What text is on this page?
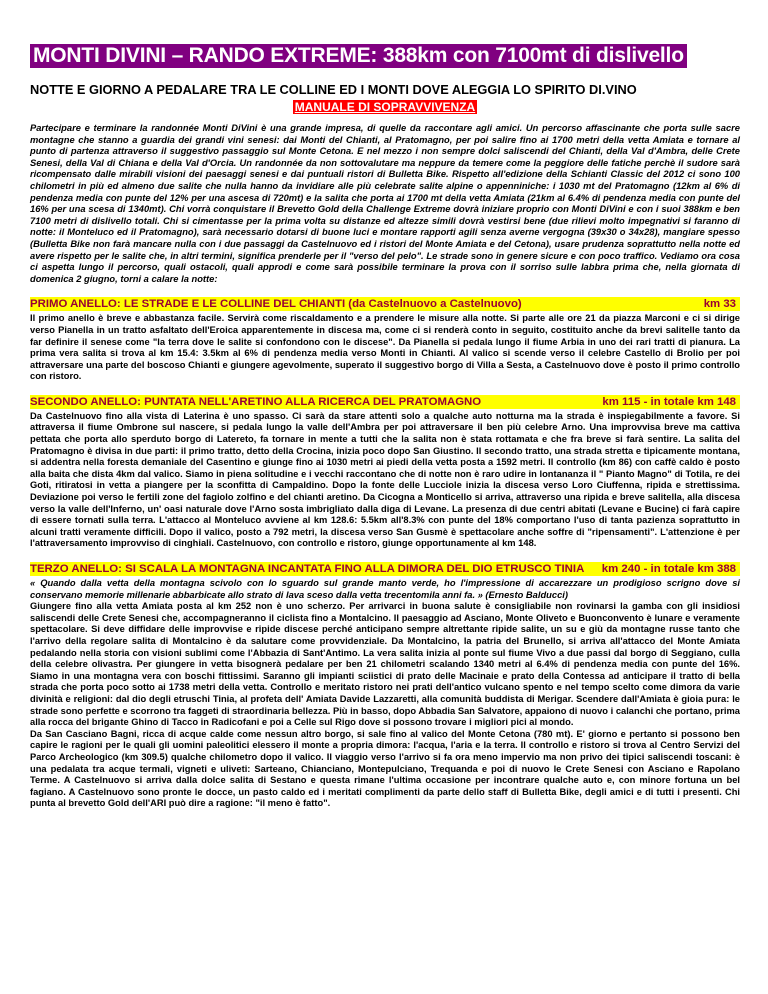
MONTI DIVINI – RANDO EXTREME: 388km con 7100mt di dislivello
NOTTE E GIORNO A PEDALARE TRA LE COLLINE ED I MONTI DOVE ALEGGIA LO SPIRITO DI.VINO
MANUALE DI SOPRAVVIVENZA

Partecipare e terminare la randonnée Monti DiVini è una grande impresa, di quelle da raccontare agli amici. Un percorso affascinante che porta sulle sacre montagne che stanno a guardia dei grandi vini senesi: dai Monti del Chianti, al Pratomagno, per poi salire fino ai 1700 metri della vetta Amiata e tornare al punto di partenza attraverso il suggestivo passaggio sul Monte Cetona. E nel mezzo i non sempre dolci saliscendi del Chianti, della Val d'Ambra, delle Crete Senesi, della Val di Chiana e della Val d'Orcia. Un randonnée da non sottovalutare ma neppure da temere come la peggiore delle fatiche perchè il sudore sarà ricompensato dalle mirabili visioni dei paesaggi senesi e dai puntuali ristori di Bulletta Bike. Rispetto all'edizione della Schianti Classic del 2012 ci sono 100 chilometri in più ed almeno due salite che nulla hanno da invidiare alle più celebrate salite alpine o appenniniche: i 1030 mt del Pratomagno (12km al 6% di pendenza media con punte del 12% per una ascesa di 720mt) e la salita che porta ai 1700 mt della vetta Amiata (21km al 6.4% di pendenza media con punte del 16% per una scesa di 1340mt). Chi vorrà conquistare il Brevetto Gold della Challenge Extreme dovrà iniziare proprio con Monti DiVini e con i suoi 388km e ben 7100 metri di dislivello totali. Chi si cimentasse per la prima volta su distanze ed altezze simili dovrà vestirsi bene (due rilievi molto impegnativi si faranno di notte: il Monteluco ed il Pratomagno), sarà necessario dotarsi di buone luci e montare rapporti agili senza averne vergogna (39x30 o 34x28), mangiare spesso (Bulletta Bike non farà mancare nulla con i due passaggi da Castelnuovo ed i ristori del Monte Amiata e del Cetona), usare prudenza soprattutto nella notte ed avere rispetto per le salite che, in altri termini, significa prenderle per il "verso del pelo". Le strade sono in genere sicure e con poco traffico. Vediamo ora cosa ci aspetta lungo il percorso, quali ostacoli, quali approdi e come sarà possibile terminare la prova con il sorriso sulle labbra prima che, nella giornata di domenica 2 giugno, torni a calare la notte:

PRIMO ANELLO: LE STRADE E LE COLLINE DEL CHIANTI (da Castelnuovo a Castelnuovo)	km 33

Il primo anello è breve e abbastanza facile. Servirà come riscaldamento e a prendere le misure alla notte. Si parte alle ore 21 da piazza Marconi e ci si dirige verso Pianella in un tratto asfaltato dell'Eroica apparentemente in discesa ma, come ci si renderà conto in seguito, costituito anche da brevi salitelle tanto da far definire il senese come "la terra dove le salite si confondono con le discese". Da Pianella si pedala lungo il fiume Arbia in uno dei rari tratti di pianura. La prima vera salita si trova al km 15.4: 3.5km al 6% di pendenza media verso Monti in Chianti. Al valico si scende verso il celebre Castello di Brolio per poi attraversare una parte del boscoso Chianti e giungere agevolmente, superato il suggestivo borgo di Villa a Sesta, a Castelnuovo dove è posto il primo controllo con ristoro.

SECONDO ANELLO: PUNTATA NELL'ARETINO ALLA RICERCA DEL PRATOMAGNO	km 115 - in totale km 148

Da Castelnuovo fino alla vista di Laterina è uno spasso. Ci sarà da stare attenti solo a qualche auto notturna ma la strada è inspiegabilmente a favore. Si attraversa il fiume Ombrone sul nascere, si pedala lungo la valle dell'Ambra per poi attraversare il ben più celebre Arno. Una improvvisa breve ma cattiva pettata che porta allo sperduto borgo di Latereto, fa tornare in mente a tutti che la salita non è stata rottamata e che fra breve si farà sentire. La salita del Pratomagno è divisa in due parti: il primo tratto, detto della Crocina, inizia poco dopo San Giustino. Il secondo tratto, una strada stretta e tipicamente montana, si addentra nella foresta demaniale del Casentino e giunge fino ai 1030 metri ai piedi della vetta posta a 1592 metri. Il controllo (km 86) con caffè caldo è posto alla baita che dista 4km dal valico. Siamo in piena solitudine e i vecchi raccontano che di notte non è raro udire in lontananza il " Pianto Magno" di Totila, re dei Goti, ritiratosi in vetta a piangere per la sconfitta di Campaldino. Dopo la fonte delle Lucciole inizia la discesa verso Loro Ciuffenna, ripida e strettissima. Deviazione poi verso le fertili zone del fagiolo zolfino e del chianti aretino. Da Cicogna a Monticello si arriva, attraverso una ripida e breve salitella, alla discesa verso la valle dell'Inferno, un' oasi naturale dove l'Arno sosta imbrigliato dalla diga di Levane. La presenza di due centri abitati (Levane e Bucine) ci farà capire di essere tornati sulla terra. L'attacco al Monteluco avviene al km 128.6: 5.5km all'8.3% con punte del 18% comportano l'uso di tanta pazienza soprattutto in alcuni tratti veramente difficili. Dopo il valico, posto a 792 metri, la discesa verso San Gusmè è spettacolare anche soffre di "ripensamenti". L'attenzione è per l'attraversamento improvviso di cinghiali. Castelnuovo, con controllo e ristoro, giunge opportunamente al km 148.

TERZO ANELLO: SI SCALA LA MONTAGNA INCANTATA FINO ALLA DIMORA DEL DIO ETRUSCO TINIA km 240 - in totale km 388

« Quando dalla vetta della montagna scivolo con lo sguardo sul grande manto verde, ho l'impressione di accarezzare un prodigioso scrigno dove si conservano memorie millenarie abbarbicate allo strato di lava sceso dalla vetta trecentomila anni fa. » (Ernesto Balducci)

Giungere fino alla vetta Amiata posta al km 252 non è uno scherzo. Per arrivarci in buona salute è consigliabile non rovinarsi la gamba con gli insidiosi saliscendi delle Crete Senesi che, accompagneranno il ciclista fino a Montalcino. Il paesaggio ad Asciano, Monte Oliveto e Buonconvento è lunare e veramente spettacolare. Si deve diffidare delle improvvise e ripide discese perché anticipano sempre altrettante ripide salite, un su e giù da montagne russe tanto che l'arrivo della regolare salita di Montalcino è da salutare come provvidenziale. Da Montalcino, la patria del Brunello, si arriva all'attacco del Monte Amiata pedalando nella storia con visioni sublimi come l'Abbazia di Sant'Antimo. La vera salita inizia al ponte sul fiume Vivo a due passi dal borgo di Seggiano, culla della celebre olivastra. Per giungere in vetta bisognerà pedalare per ben 21 chilometri scalando 1340 metri al 6.4% di pendenza media con punte del 16%. Siamo in una montagna vera con boschi fittissimi. Saranno gli impianti sciistici di prato delle Macinaie e prato della Contessa ad anticipare il tratto di bella strada che porta poco sotto ai 1738 metri della vetta. Controllo e meritato ristoro nei prati dell'antico vulcano spento e nel tempo scelto come dimora da varie divinità e religioni: dal dio degli etruschi Tinia, al profeta dell' Amiata Davide Lazzaretti, alla comunità buddista di Merigar. Scendere dall'Amiata è gioia pura: le strade sono perfette e scorrono tra faggeti di straordinaria bellezza. Più in basso, dopo Abbadia San Salvatore, appaiono di nuovo i calanchi che portano, prima alla rocca del brigante Ghino di Tacco in Radicofani e poi a Celle sul Rigo dove si possono trovare i migliori pici al mondo.
Da San Casciano Bagni, ricca di acque calde come nessun altro borgo, si sale fino al valico del Monte Cetona (780 mt). E' giorno e pertanto si possono ben capire le ragioni per le quali gli uomini paleolitici elessero il monte a propria dimora: l'acqua, l'aria e la terra. Il controllo e ristoro si trova al Centro Servizi del Parco Archeologico (km 309.5) qualche chilometro dopo il valico. Il viaggio verso l'arrivo si fa ora meno impervio ma non privo dei tipici saliscendi toscani: è una pedalata tra acque termali, vigneti e uliveti: Sarteano, Chianciano, Montepulciano, Trequanda e poi di nuovo le Crete Senesi con Asciano e Rapolano Terme. A Castelnuovo si arriva dalla dolce salita di Sestano e questa rimane l'ultima occasione per incontrare qualche auto e, con minore fortuna un bel fagiano. A Castelnuovo sono pronte le docce, un pasto caldo ed i meritati complimenti da parte dello staff di Bulletta Bike, degli amici e di tutti i presenti. Chi punta al brevetto Gold dell'ARI può dire a ragione: "il meno è fatto".
